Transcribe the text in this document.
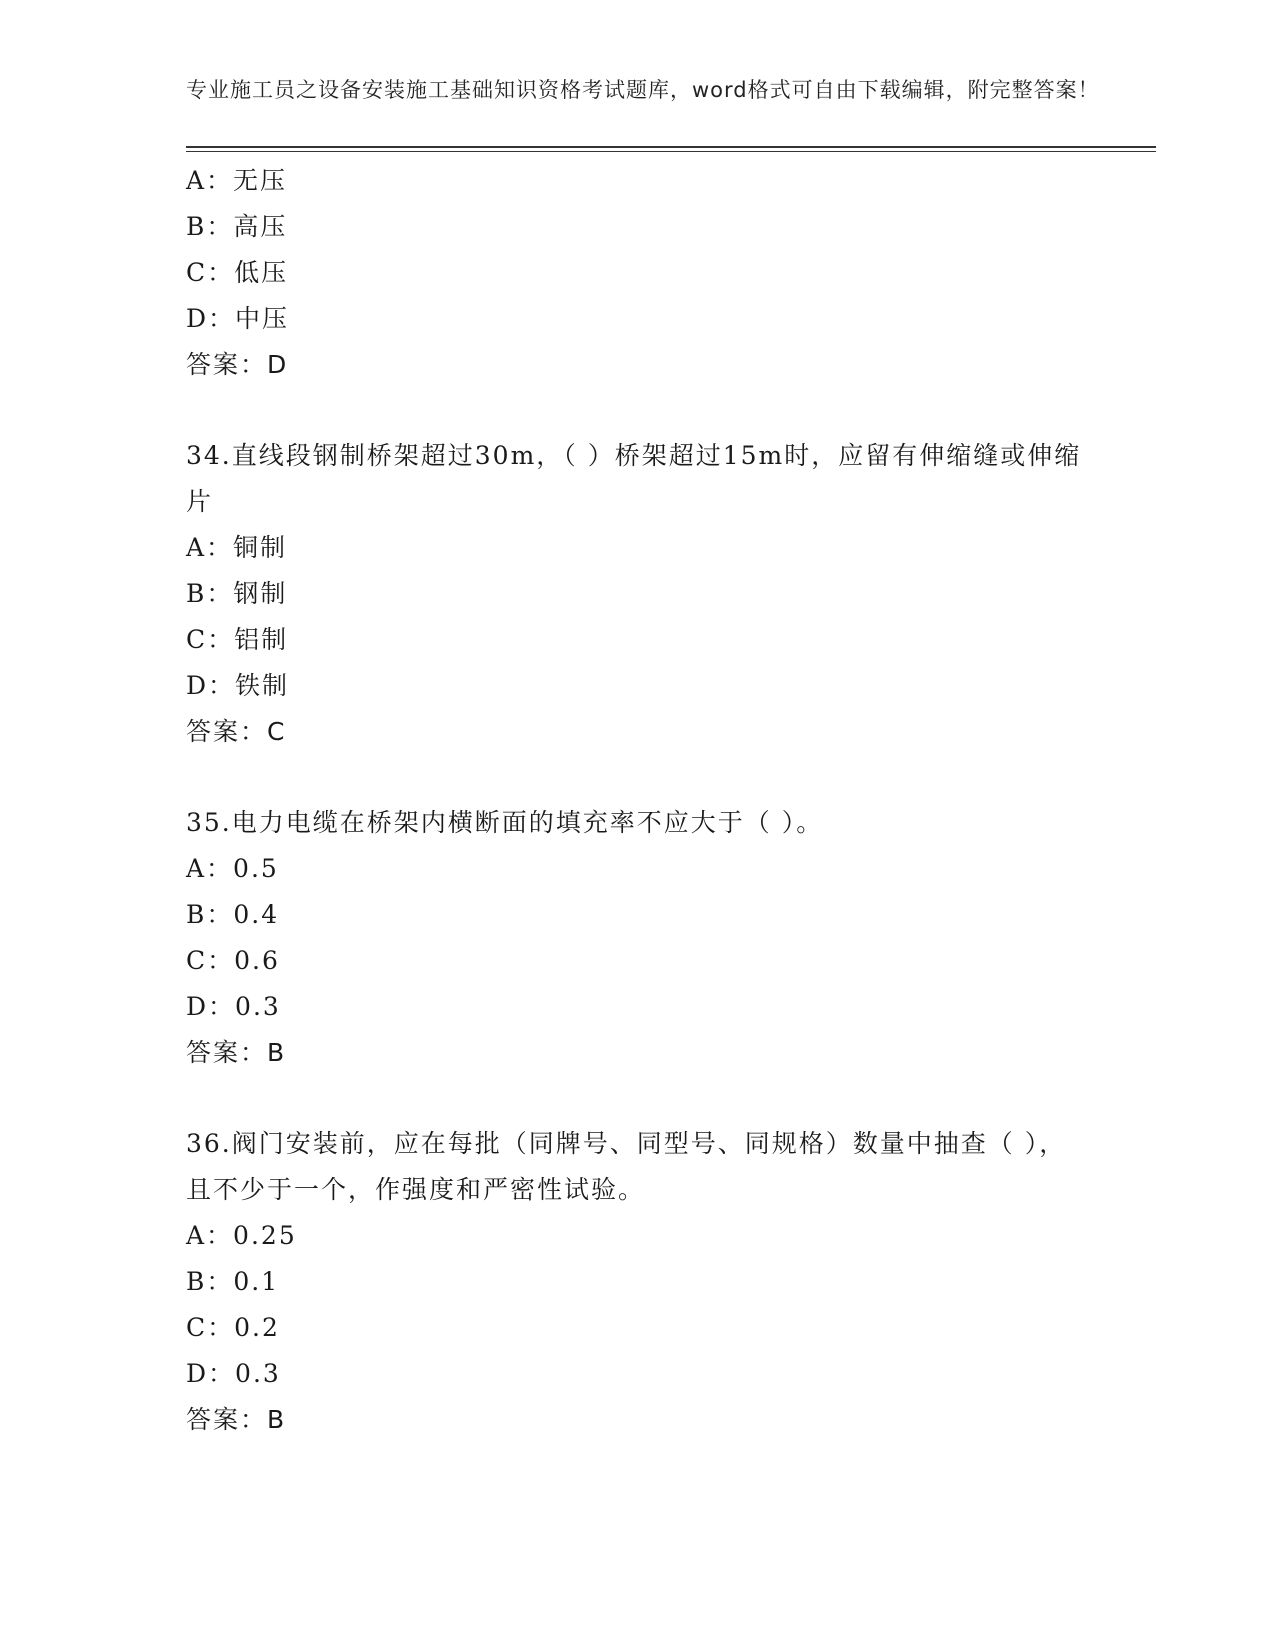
专业施工员之设备安装施工基础知识资格考试题库，word格式可自由下载编辑，附完整答案！

A：无压

B：高压

C：低压

D：中压

答案：D

34.直线段钢制桥架超过30m，（ ）桥架超过15m时，应留有伸缩缝或伸缩片

A：铜制

B：钢制

C：铝制

D：铁制

答案：C

35.电力电缆在桥架内横断面的填充率不应大于（ ）。

A：0.5

B：0.4

C：0.6

D：0.3

答案：B

36.阀门安装前，应在每批（同牌号、同型号、同规格）数量中抽查（ ），且不少于一个，作强度和严密性试验。

A：0.25

B：0.1

C：0.2

D：0.3

答案：B
